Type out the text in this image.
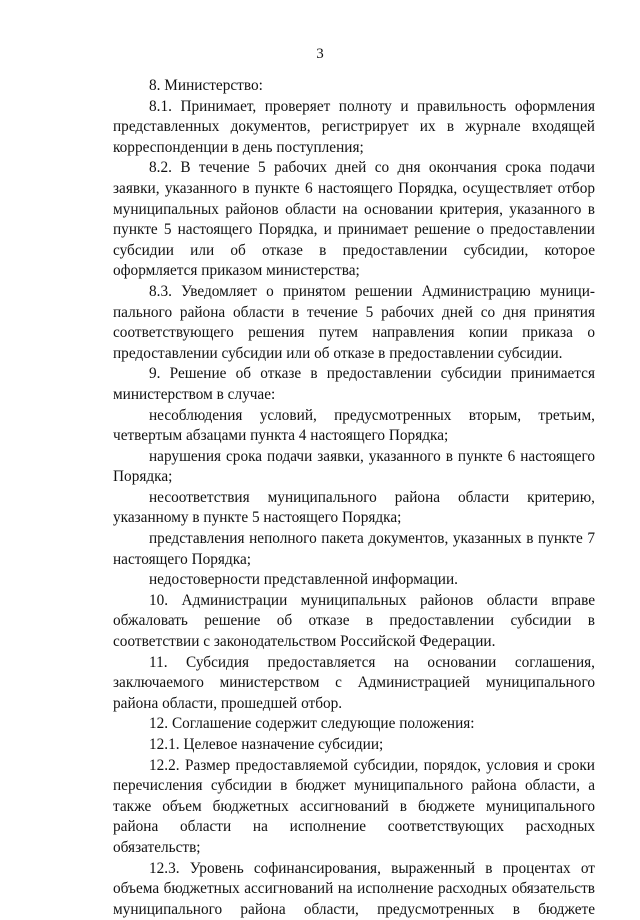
3

8. Министерство:

8.1. Принимает, проверяет полноту и правильность оформления представленных документов, регистрирует их в журнале входящей корреспонденции в день поступления;

8.2. В течение 5 рабочих дней со дня окончания срока подачи заявки, указанного в пункте 6 настоящего Порядка, осуществляет отбор муниципальных районов области на основании критерия, указанного в пункте 5 настоящего Порядка, и принимает решение о предоставлении субсидии или об отказе в предоставлении субсидии, которое оформляется приказом министерства;

8.3. Уведомляет о принятом решении Администрацию муници-пального района области в течение 5 рабочих дней со дня принятия соответствующего решения путем направления копии приказа о предоставлении субсидии или об отказе в предоставлении субсидии.

9. Решение об отказе в предоставлении субсидии принимается министерством в случае:

несоблюдения условий, предусмотренных вторым, третьим, четвертым абзацами пункта 4 настоящего Порядка;

нарушения срока подачи заявки, указанного в пункте 6 настоящего Порядка;

несоответствия муниципального района области критерию, указанному в пункте 5 настоящего Порядка;

представления неполного пакета документов, указанных в пункте 7 настоящего Порядка;

недостоверности представленной информации.

10. Администрации муниципальных районов области вправе обжаловать решение об отказе в предоставлении субсидии в соответствии с законодательством Российской Федерации.

11. Субсидия предоставляется на основании соглашения, заключаемого министерством с Администрацией муниципального района области, прошедшей отбор.

12. Соглашение содержит следующие положения:

12.1. Целевое назначение субсидии;

12.2. Размер предоставляемой субсидии, порядок, условия и сроки перечисления субсидии в бюджет муниципального района области, а также объем бюджетных ассигнований в бюджете муниципального района области на исполнение соответствующих расходных обязательств;

12.3. Уровень софинансирования, выраженный в процентах от объема бюджетных ассигнований на исполнение расходных обязательств муниципального района области, предусмотренных в бюджете
